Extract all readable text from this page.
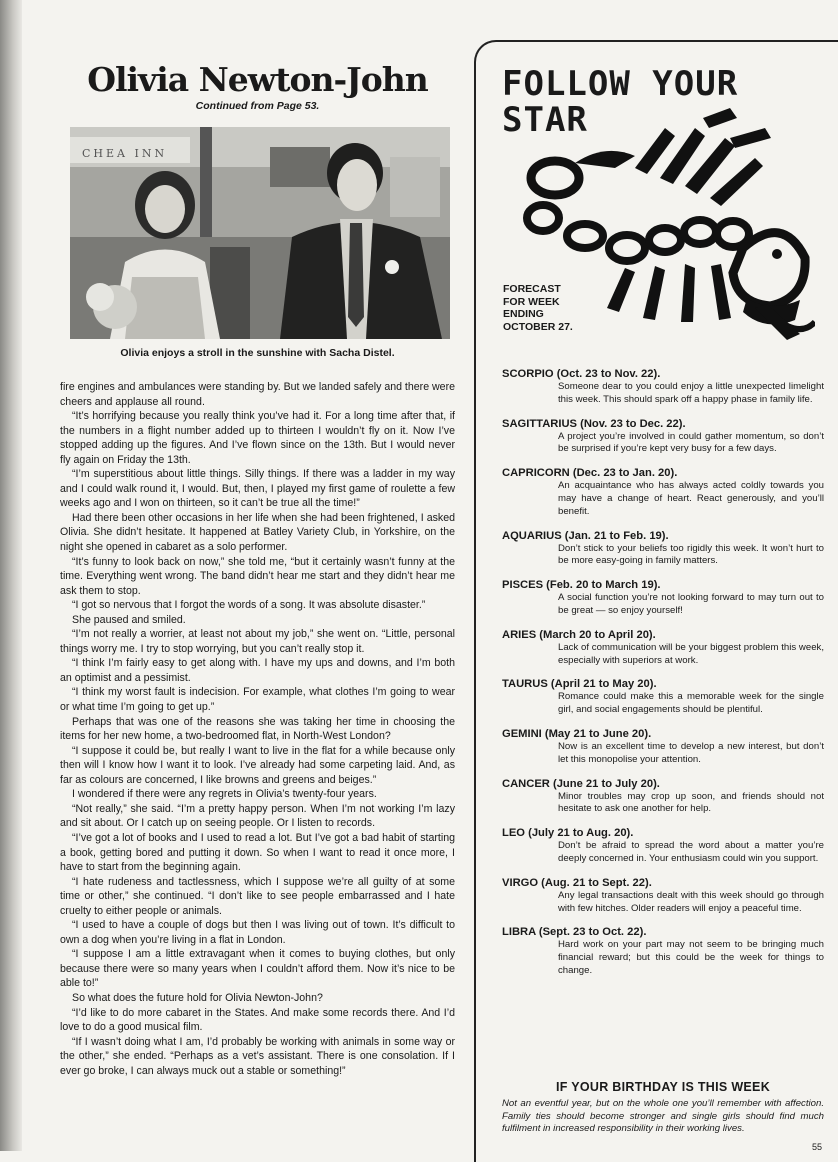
Olivia Newton-John

Continued from Page 53.

CHEA INN

Olivia enjoys a stroll in the sunshine with Sacha Distel.

fire engines and ambulances were standing by. But we landed safely and there were cheers and applause all round.

“It’s horrifying because you really think you’ve had it. For a long time after that, if the numbers in a flight number added up to thirteen I wouldn’t fly on it. Now I’ve stopped adding up the figures. And I’ve flown since on the 13th. But I would never fly again on Friday the 13th.

“I’m superstitious about little things. Silly things. If there was a ladder in my way and I could walk round it, I would. But, then, I played my first game of roulette a few weeks ago and I won on thirteen, so it can’t be true all the time!”

Had there been other occasions in her life when she had been frightened, I asked Olivia. She didn’t hesitate. It happened at Batley Variety Club, in Yorkshire, on the night she opened in cabaret as a solo performer.

“It’s funny to look back on now,” she told me, “but it certainly wasn’t funny at the time. Everything went wrong. The band didn’t hear me start and they didn’t hear me ask them to stop.

“I got so nervous that I forgot the words of a song. It was absolute disaster.”

She paused and smiled.

“I’m not really a worrier, at least not about my job,” she went on. “Little, personal things worry me. I try to stop worrying, but you can’t really stop it.

“I think I’m fairly easy to get along with. I have my ups and downs, and I’m both an optimist and a pessimist.

“I think my worst fault is indecision. For example, what clothes I’m going to wear or what time I’m going to get up.”

Perhaps that was one of the reasons she was taking her time in choosing the items for her new home, a two-bedroomed flat, in North-West London?

“I suppose it could be, but really I want to live in the flat for a while because only then will I know how I want it to look. I’ve already had some carpeting laid. And, as far as colours are concerned, I like browns and greens and beiges.”

I wondered if there were any regrets in Olivia’s twenty-four years.

“Not really,” she said. “I’m a pretty happy person. When I’m not working I’m lazy and sit about. Or I catch up on seeing people. Or I listen to records.

“I’ve got a lot of books and I used to read a lot. But I’ve got a bad habit of starting a book, getting bored and putting it down. So when I want to read it once more, I have to start from the beginning again.

“I hate rudeness and tactlessness, which I suppose we’re all guilty of at some time or other,” she continued. “I don’t like to see people embarrassed and I hate cruelty to either people or animals.

“I used to have a couple of dogs but then I was living out of town. It’s difficult to own a dog when you’re living in a flat in London.

“I suppose I am a little extravagant when it comes to buying clothes, but only because there were so many years when I couldn’t afford them. Now it’s nice to be able to!”

So what does the future hold for Olivia Newton-John?

“I’d like to do more cabaret in the States. And make some records there. And I’d love to do a good musical film.

“If I wasn’t doing what I am, I’d probably be working with animals in some way or the other,” she ended. “Perhaps as a vet’s assistant. There is one consolation. If I ever go broke, I can always muck out a stable or something!”

FOLLOW YOUR
STAR
FORECAST
FOR WEEK
ENDING
OCTOBER 27.
SCORPIO (Oct. 23 to Nov. 22).

Someone dear to you could enjoy a little unexpected limelight this week. This should spark off a happy phase in family life.

SAGITTARIUS (Nov. 23 to Dec. 22).

A project you’re involved in could gather momentum, so don’t be surprised if you’re kept very busy for a few days.

CAPRICORN (Dec. 23 to Jan. 20).

An acquaintance who has always acted coldly towards you may have a change of heart. React generously, and you’ll benefit.

AQUARIUS (Jan. 21 to Feb. 19).

Don’t stick to your beliefs too rigidly this week. It won’t hurt to be more easy-going in family matters.

PISCES (Feb. 20 to March 19).

A social function you’re not looking forward to may turn out to be great — so enjoy yourself!

ARIES (March 20 to April 20).

Lack of communication will be your biggest problem this week, especially with superiors at work.

TAURUS (April 21 to May 20).

Romance could make this a memorable week for the single girl, and social engagements should be plentiful.

GEMINI (May 21 to June 20).

Now is an excellent time to develop a new interest, but don’t let this monopolise your attention.

CANCER (June 21 to July 20).

Minor troubles may crop up soon, and friends should not hesitate to ask one another for help.

LEO (July 21 to Aug. 20).

Don’t be afraid to spread the word about a matter you’re deeply concerned in. Your enthusiasm could win you support.

VIRGO (Aug. 21 to Sept. 22).

Any legal transactions dealt with this week should go through with few hitches. Older readers will enjoy a peaceful time.

LIBRA (Sept. 23 to Oct. 22).

Hard work on your part may not seem to be bringing much financial reward; but this could be the week for things to change.

IF YOUR BIRTHDAY IS THIS WEEK
Not an eventful year, but on the whole one you’ll remember with affection. Family ties should become stronger and single girls should find much fulfilment in increased responsibility in their working lives.
55
